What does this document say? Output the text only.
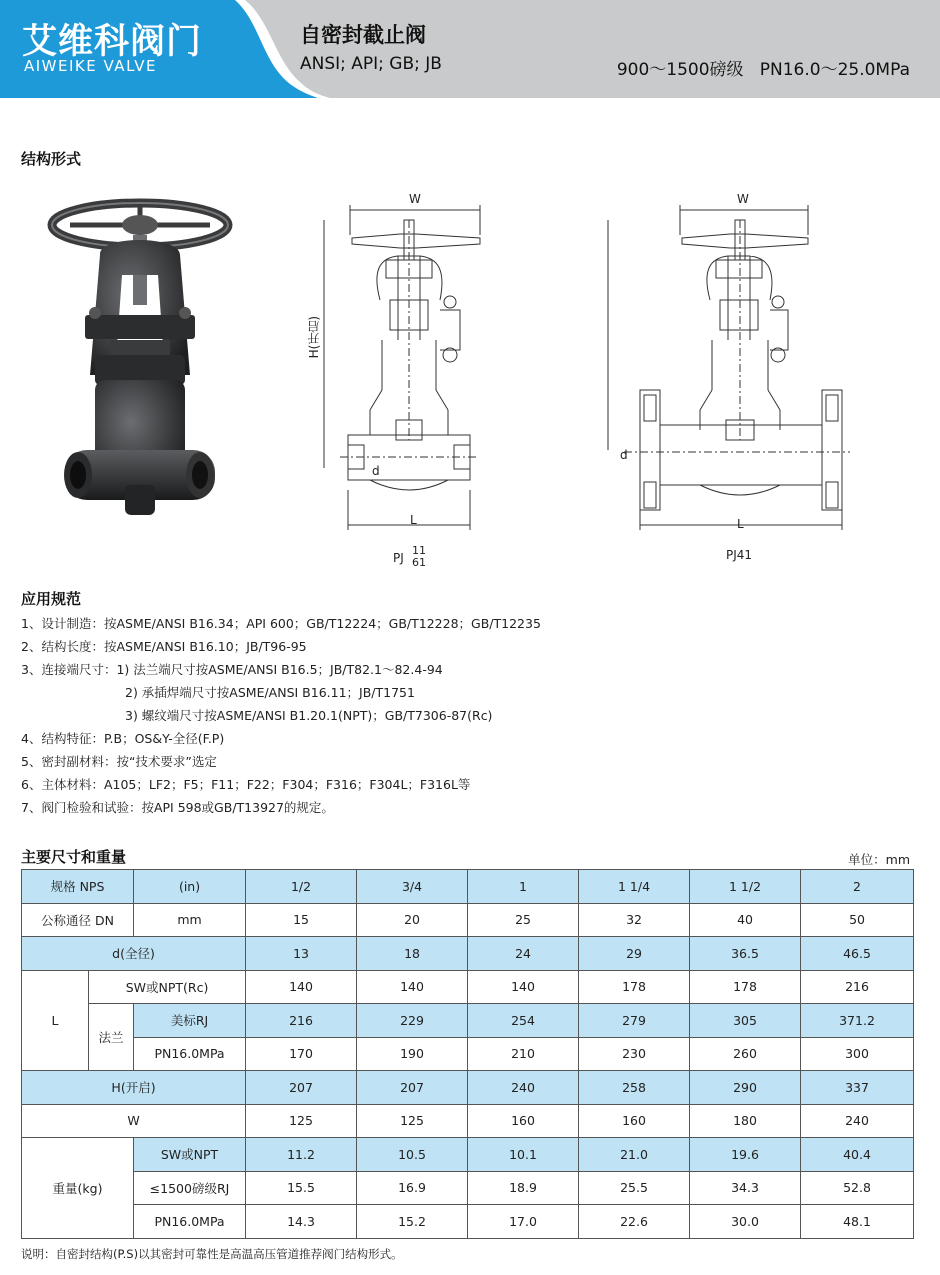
艾维科阀门
AIWEIKE VALVE
自密封截止阀
ANSI; API; GB; JB	900～1500磅级   PN16.0～25.0MPa
结构形式
W
H(开启)
d
L
PJ
11
61
W
d
L
PJ41
应用规范
1、设计制造：按ASME/ANSI B16.34；API 600；GB/T12224；GB/T12228；GB/T12235
2、结构长度：按ASME/ANSI B16.10；JB/T96-95
3、连接端尺寸：1) 法兰端尺寸按ASME/ANSI B16.5；JB/T82.1～82.4-94
2) 承插焊端尺寸按ASME/ANSI B16.11；JB/T1751
3) 螺纹端尺寸按ASME/ANSI B1.20.1(NPT)；GB/T7306-87(Rc)
4、结构特征：P.B；OS&Y-全径(F.P)
5、密封副材料：按“技术要求”选定
6、主体材料：A105；LF2；F5；F11；F22；F304；F316；F304L；F316L等
7、阀门检验和试验：按API 598或GB/T13927的规定。
主要尺寸和重量	单位：mm
规格 NPS		(in)	1/2	3/4	1	1 1/4	1 1/2	2
公称通径 DN		mm	15	20	25	32	40	50
d(全径)			13	18	24	29	36.5	46.5
L	SW或NPT(Rc)		140	140	140	178	178	216
	法兰	美标RJ	216	229	254	279	305	371.2
		PN16.0MPa	170	190	210	230	260	300
H(开启)			207	207	240	258	290	337
W			125	125	160	160	180	240
重量(kg)		SW或NPT	11.2	10.5	10.1	21.0	19.6	40.4
		≤1500磅级RJ	15.5	16.9	18.9	25.5	34.3	52.8
		PN16.0MPa	14.3	15.2	17.0	22.6	30.0	48.1
说明：自密封结构(P.S)以其密封可靠性是高温高压管道推荐阀门结构形式。
